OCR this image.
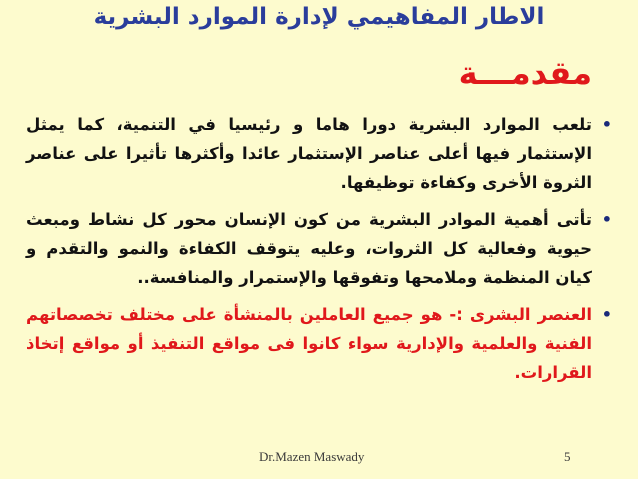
الاطار المفاهيمي لإدارة الموارد البشرية
مقدمـــة
•
تلعب الموارد البشرية دورا هاما و رئيسيا في التنمية، كما يمثل الإستثمار فيها أعلى عناصر الإستثمار عائدا وأكثرها تأثيرا على عناصر الثروة الأخرى وكفاءة توظيفها.
•
تأتى أهمية الموادر البشرية من كون الإنسان محور كل نشاط ومبعث حيوية وفعالية كل الثروات، وعليه يتوقف الكفاءة والنمو والتقدم و كيان المنظمة وملامحها وتفوقها والإستمرار والمنافسة..
•
العنصر البشرى :- هو جميع العاملين بالمنشأة على مختلف تخصصاتهم الفنية والعلمية والإدارية سواء كانوا فى مواقع التنفيذ أو مواقع إتخاذ القرارات.
Dr.Mazen Maswady	5
